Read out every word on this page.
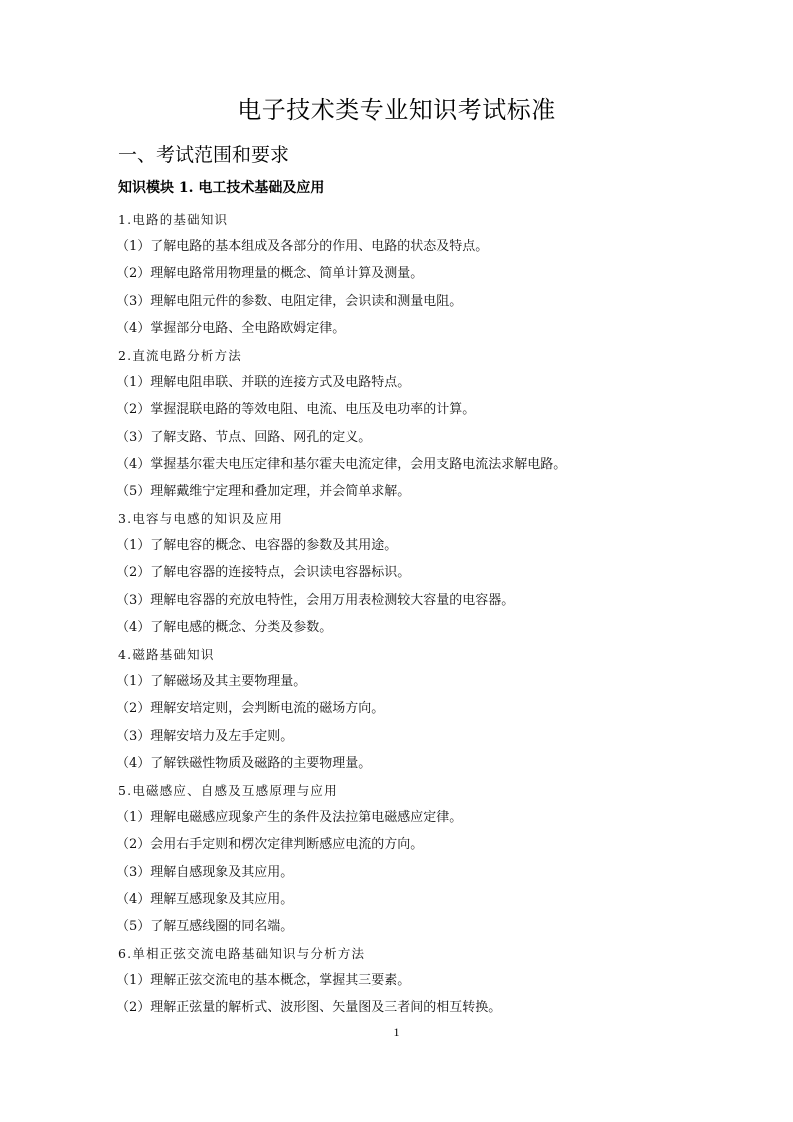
电子技术类专业知识考试标准
一、考试范围和要求
知识模块 1. 电工技术基础及应用
1.电路的基础知识
（1）了解电路的基本组成及各部分的作用、电路的状态及特点。
（2）理解电路常用物理量的概念、简单计算及测量。
（3）理解电阻元件的参数、电阻定律，会识读和测量电阻。
（4）掌握部分电路、全电路欧姆定律。
2.直流电路分析方法
（1）理解电阻串联、并联的连接方式及电路特点。
（2）掌握混联电路的等效电阻、电流、电压及电功率的计算。
（3）了解支路、节点、回路、网孔的定义。
（4）掌握基尔霍夫电压定律和基尔霍夫电流定律，会用支路电流法求解电路。
（5）理解戴维宁定理和叠加定理，并会简单求解。
3.电容与电感的知识及应用
（1）了解电容的概念、电容器的参数及其用途。
（2）了解电容器的连接特点，会识读电容器标识。
（3）理解电容器的充放电特性，会用万用表检测较大容量的电容器。
（4）了解电感的概念、分类及参数。
4.磁路基础知识
（1）了解磁场及其主要物理量。
（2）理解安培定则，会判断电流的磁场方向。
（3）理解安培力及左手定则。
（4）了解铁磁性物质及磁路的主要物理量。
5.电磁感应、自感及互感原理与应用
（1）理解电磁感应现象产生的条件及法拉第电磁感应定律。
（2）会用右手定则和楞次定律判断感应电流的方向。
（3）理解自感现象及其应用。
（4）理解互感现象及其应用。
（5）了解互感线圈的同名端。
6.单相正弦交流电路基础知识与分析方法
（1）理解正弦交流电的基本概念，掌握其三要素。
（2）理解正弦量的解析式、波形图、矢量图及三者间的相互转换。
1
